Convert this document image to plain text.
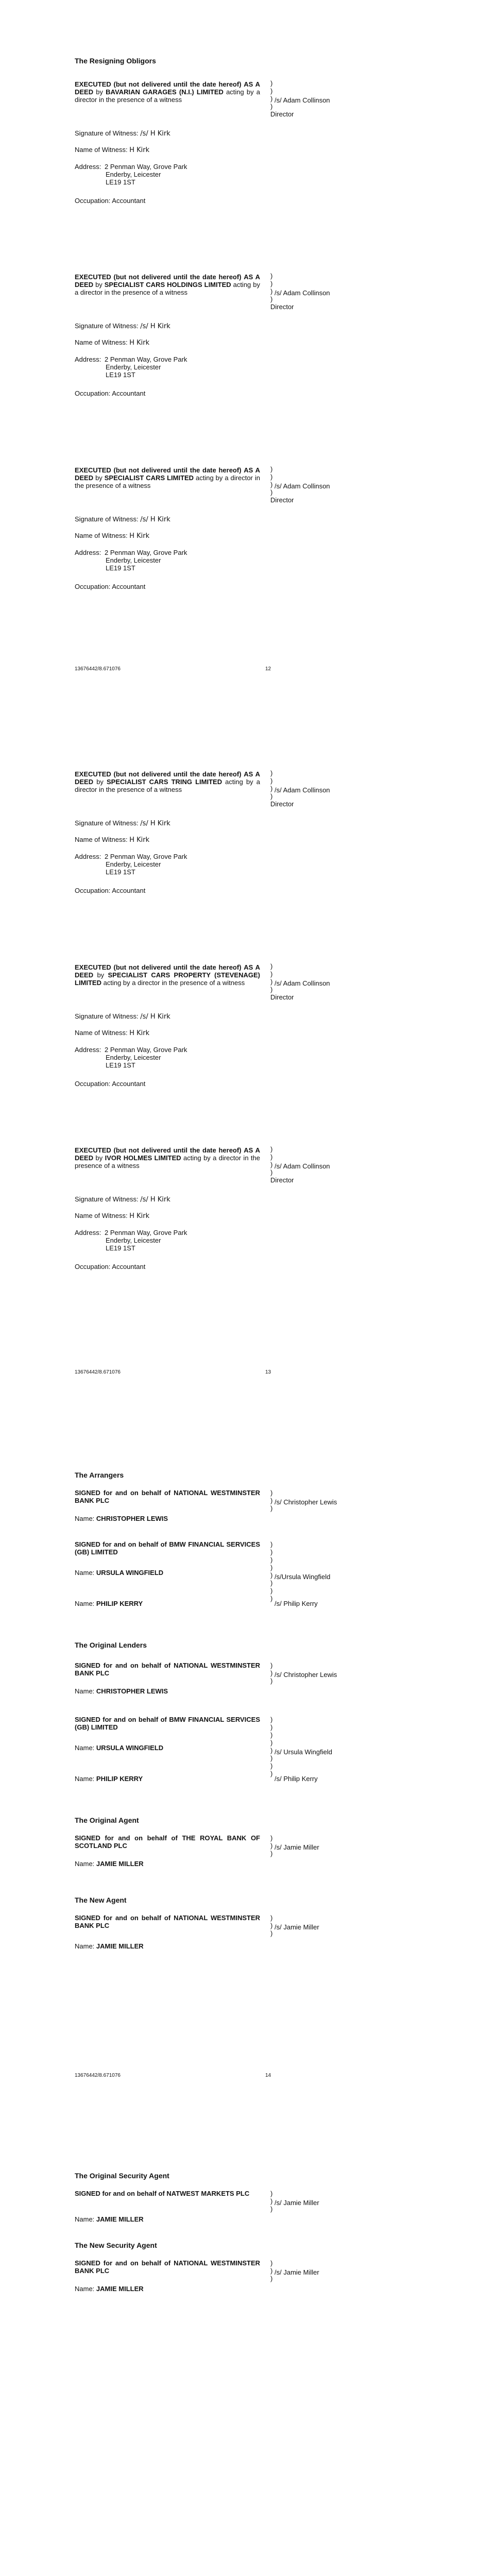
The Resigning Obligors
EXECUTED (but not delivered until the date hereof) AS A DEED by BAVARIAN GARAGES (N.I.) LIMITED acting by a director in the presence of a witness
)
)
)
)
/s/ Adam Collinson
Director
Signature of Witness: /s/ H Kirk
Name of Witness: H Kirk
Address: 2 Penman Way, Grove Park
Enderby, Leicester
LE19 1ST
Occupation: Accountant
EXECUTED (but not delivered until the date hereof) AS A DEED by SPECIALIST CARS HOLDINGS LIMITED acting by a director in the presence of a witness
)
)
)
)
/s/ Adam Collinson
Director
Signature of Witness: /s/ H Kirk
Name of Witness: H Kirk
Address: 2 Penman Way, Grove Park
Enderby, Leicester
LE19 1ST
Occupation: Accountant
EXECUTED (but not delivered until the date hereof) AS A DEED by SPECIALIST CARS LIMITED acting by a director in the presence of a witness
)
)
)
)
/s/ Adam Collinson
Director
Signature of Witness: /s/ H Kirk
Name of Witness: H Kirk
Address: 2 Penman Way, Grove Park
Enderby, Leicester
LE19 1ST
Occupation: Accountant
13676442/8.671076	12
EXECUTED (but not delivered until the date hereof) AS A DEED by SPECIALIST CARS TRING LIMITED acting by a director in the presence of a witness
)
)
)
)
/s/ Adam Collinson
Director
Signature of Witness: /s/ H Kirk
Name of Witness: H Kirk
Address: 2 Penman Way, Grove Park
Enderby, Leicester
LE19 1ST
Occupation: Accountant
EXECUTED (but not delivered until the date hereof) AS A DEED by SPECIALIST CARS PROPERTY (STEVENAGE) LIMITED acting by a director in the presence of a witness
)
)
)
)
/s/ Adam Collinson
Director
Signature of Witness: /s/ H Kirk
Name of Witness: H Kirk
Address: 2 Penman Way, Grove Park
Enderby, Leicester
LE19 1ST
Occupation: Accountant
EXECUTED (but not delivered until the date hereof) AS A DEED by IVOR HOLMES LIMITED acting by a director in the presence of a witness
)
)
)
)
/s/ Adam Collinson
Director
Signature of Witness: /s/ H Kirk
Name of Witness: H Kirk
Address: 2 Penman Way, Grove Park
Enderby, Leicester
LE19 1ST
Occupation: Accountant
13676442/8.671076	13
The Arrangers
SIGNED for and on behalf of NATIONAL WESTMINSTER BANK PLC
)
)
)
/s/ Christopher Lewis
Name: CHRISTOPHER LEWIS
SIGNED for and on behalf of BMW FINANCIAL SERVICES (GB) LIMITED
)
)
)
)
)
)
)
)
/s/Ursula Wingfield
Name: URSULA WINGFIELD
/s/ Philip Kerry
Name: PHILIP KERRY
The Original Lenders
SIGNED for and on behalf of NATIONAL WESTMINSTER BANK PLC
)
)
)
/s/ Christopher Lewis
Name: CHRISTOPHER LEWIS
SIGNED for and on behalf of BMW FINANCIAL SERVICES (GB) LIMITED
)
)
)
)
)
)
)
)
/s/ Ursula Wingfield
Name: URSULA WINGFIELD
/s/ Philip Kerry
Name: PHILIP KERRY
The Original Agent
SIGNED for and on behalf of THE ROYAL BANK OF SCOTLAND PLC
)
)
)
/s/ Jamie Miller
Name: JAMIE MILLER
The New Agent
SIGNED for and on behalf of NATIONAL WESTMINSTER BANK PLC
)
)
)
/s/ Jamie Miller
Name: JAMIE MILLER
13676442/8.671076	14
The Original Security Agent
SIGNED for and on behalf of NATWEST MARKETS PLC	)
)
)
/s/ Jamie Miller
Name: JAMIE MILLER
The New Security Agent
SIGNED for and on behalf of NATIONAL WESTMINSTER BANK PLC
)
)
)
/s/ Jamie Miller
Name: JAMIE MILLER
